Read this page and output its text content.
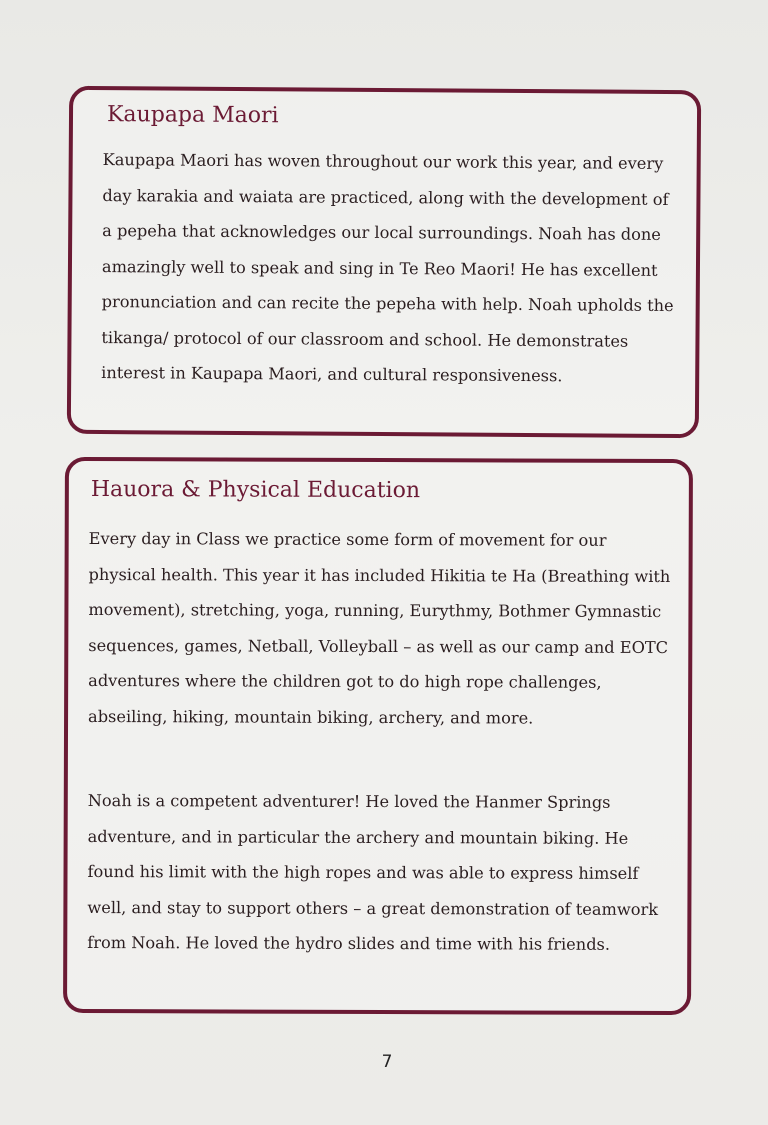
Kaupapa Maori

Kaupapa Maori has woven throughout our work this year, and every day karakia and waiata are practiced, along with the development of a pepeha that acknowledges our local surroundings. Noah has done amazingly well to speak and sing in Te Reo Maori! He has excellent pronunciation and can recite the pepeha with help. Noah upholds the tikanga/ protocol of our classroom and school. He demonstrates interest in Kaupapa Maori, and cultural responsiveness.

Hauora & Physical Education

Every day in Class we practice some form of movement for our physical health. This year it has included Hikitia te Ha (Breathing with movement), stretching, yoga, running, Eurythmy, Bothmer Gymnastic sequences, games, Netball, Volleyball – as well as our camp and EOTC adventures where the children got to do high rope challenges, abseiling, hiking, mountain biking, archery, and more.

Noah is a competent adventurer! He loved the Hanmer Springs adventure, and in particular the archery and mountain biking. He found his limit with the high ropes and was able to express himself well, and stay to support others – a great demonstration of teamwork from Noah. He loved the hydro slides and time with his friends.

7
